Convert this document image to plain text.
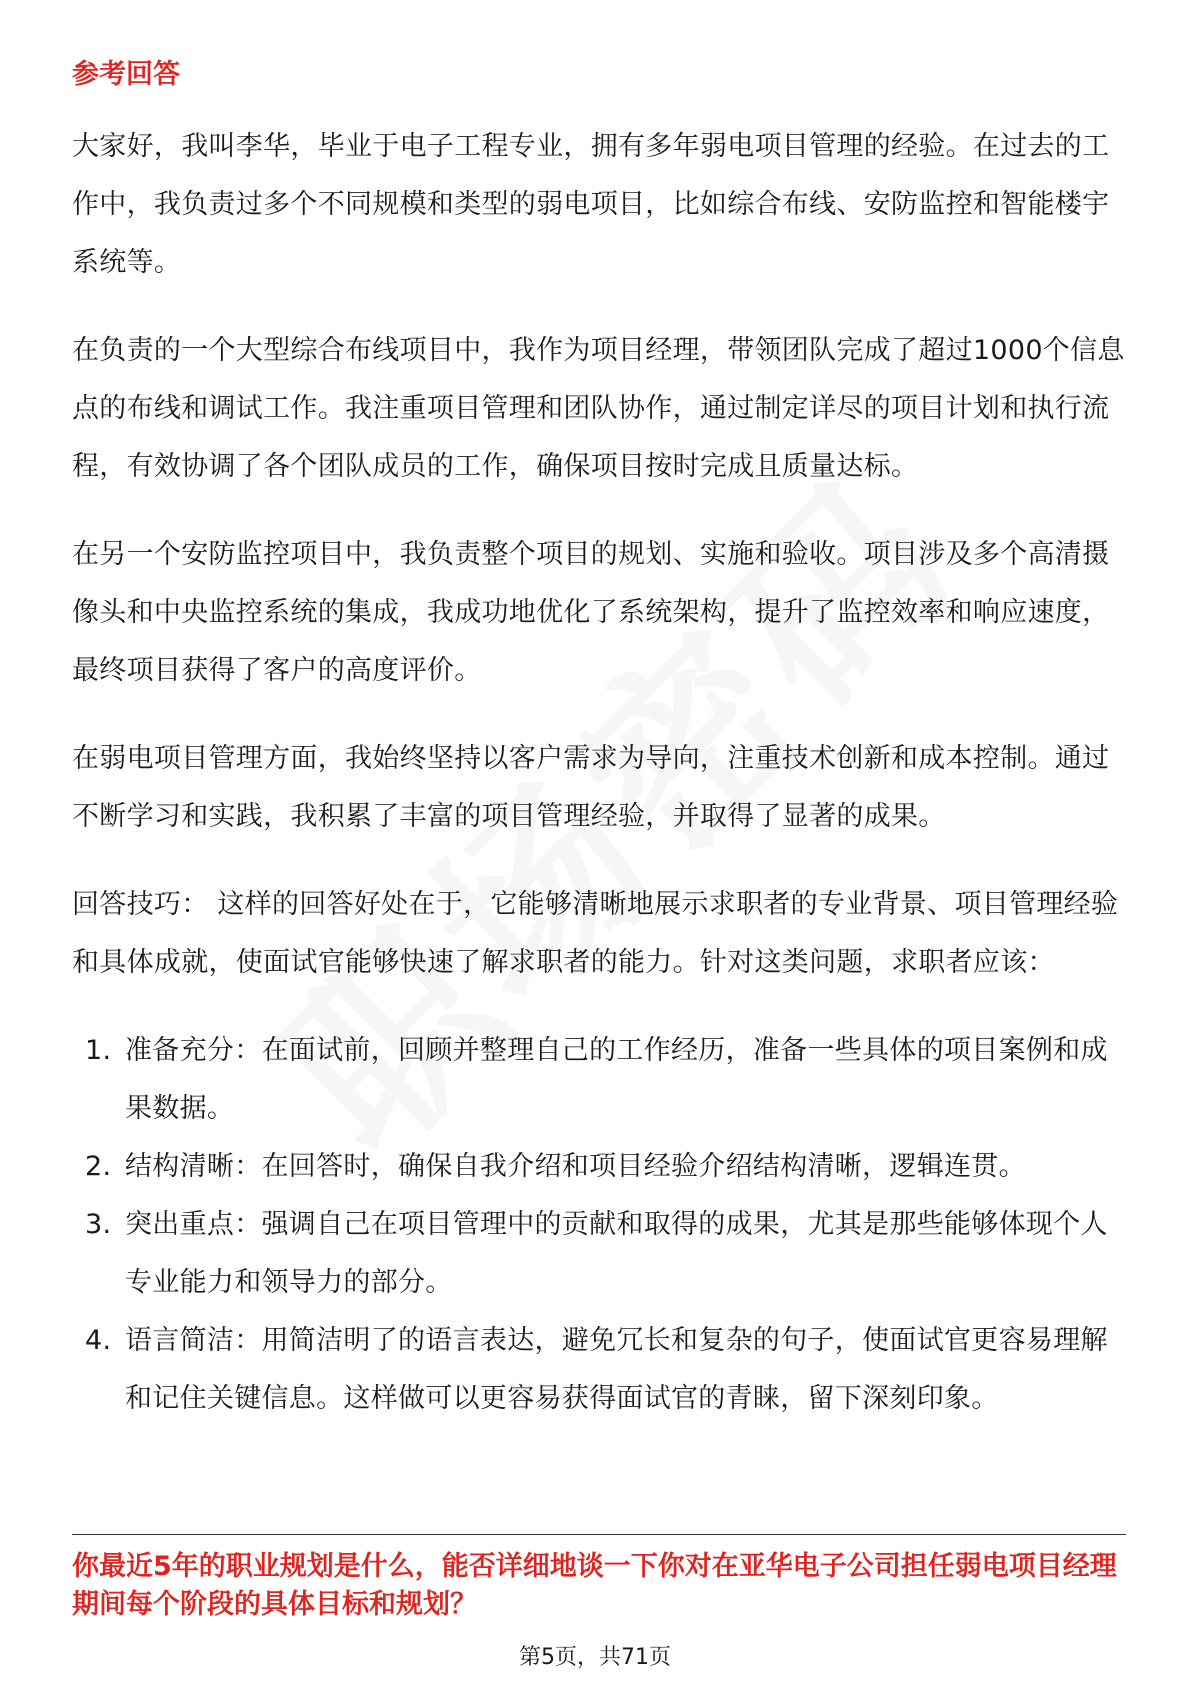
参考回答

大家好，我叫李华，毕业于电子工程专业，拥有多年弱电项目管理的经验。在过去的工作中，我负责过多个不同规模和类型的弱电项目，比如综合布线、安防监控和智能楼宇系统等。

在负责的一个大型综合布线项目中，我作为项目经理，带领团队完成了超过1000个信息点的布线和调试工作。我注重项目管理和团队协作，通过制定详尽的项目计划和执行流程，有效协调了各个团队成员的工作，确保项目按时完成且质量达标。

在另一个安防监控项目中，我负责整个项目的规划、实施和验收。项目涉及多个高清摄像头和中央监控系统的集成，我成功地优化了系统架构，提升了监控效率和响应速度，最终项目获得了客户的高度评价。

在弱电项目管理方面，我始终坚持以客户需求为导向，注重技术创新和成本控制。通过不断学习和实践，我积累了丰富的项目管理经验，并取得了显著的成果。

回答技巧： 这样的回答好处在于，它能够清晰地展示求职者的专业背景、项目管理经验和具体成就，使面试官能够快速了解求职者的能力。针对这类问题，求职者应该：

1. 准备充分：在面试前，回顾并整理自己的工作经历，准备一些具体的项目案例和成果数据。
2. 结构清晰：在回答时，确保自我介绍和项目经验介绍结构清晰，逻辑连贯。
3. 突出重点：强调自己在项目管理中的贡献和取得的成果，尤其是那些能够体现个人专业能力和领导力的部分。
4. 语言简洁：用简洁明了的语言表达，避免冗长和复杂的句子，使面试官更容易理解和记住关键信息。这样做可以更容易获得面试官的青睐，留下深刻印象。

你最近5年的职业规划是什么，能否详细地谈一下你对在亚华电子公司担任弱电项目经理期间每个阶段的具体目标和规划？

第5页，共71页
